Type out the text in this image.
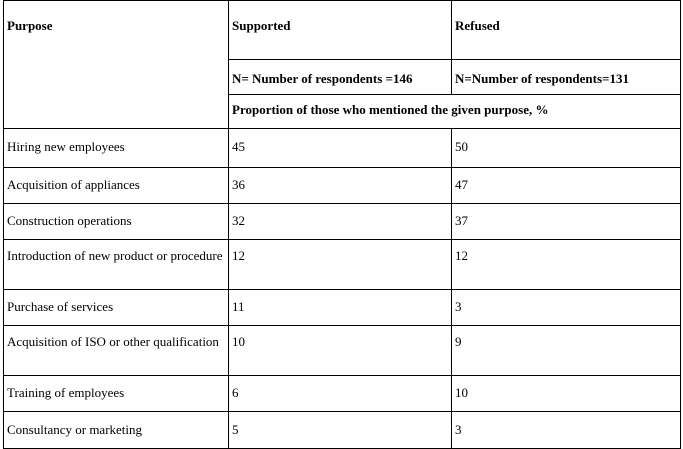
Purpose	Supported	Refused
	N= Number of respondents =146	N=Number of respondents=131
	Proportion of those who mentioned the given purpose, %	
Hiring new employees	45	50
Acquisition of appliances	36	47
Construction operations	32	37
Introduction of new product or procedure	12	12
Purchase of services	11	3
Acquisition of ISO or other qualification	10	9
Training of employees	6	10
Consultancy or marketing	5	3
